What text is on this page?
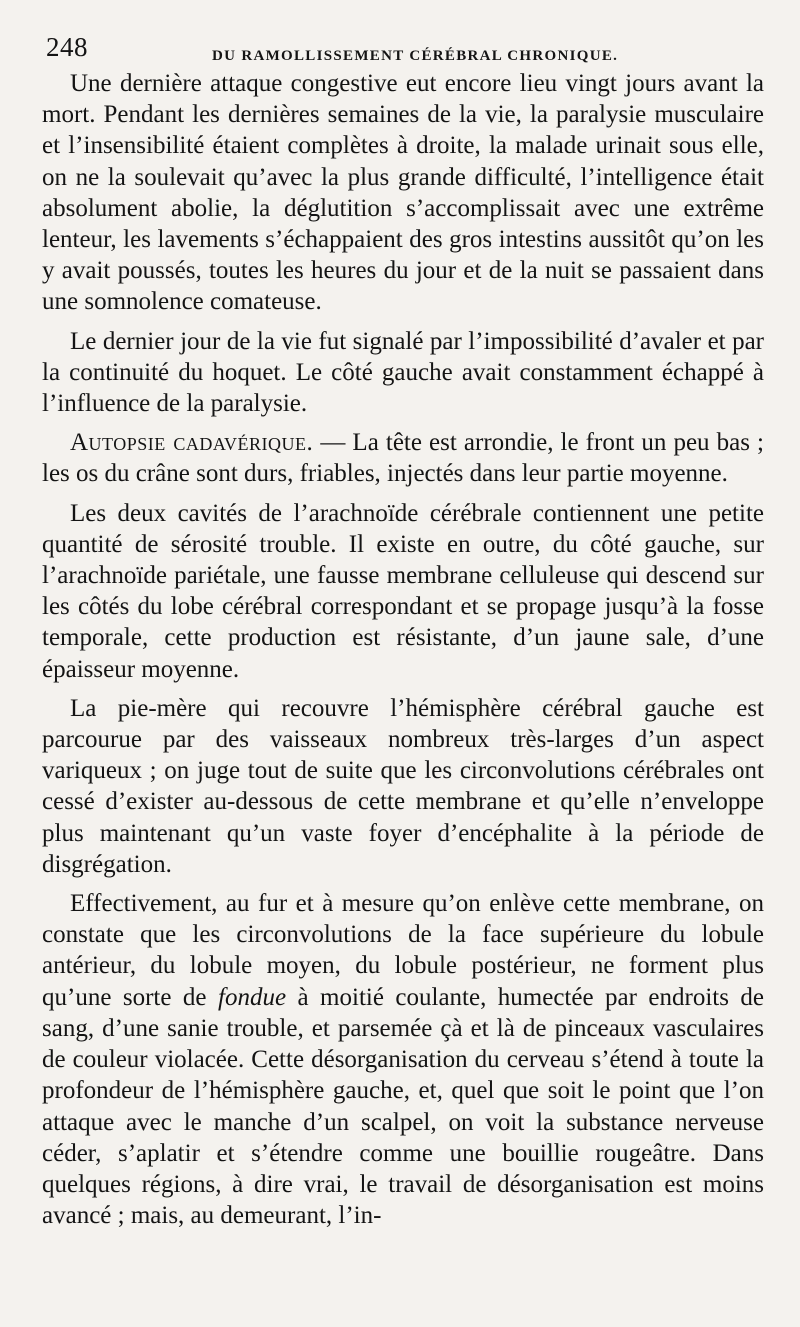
248	DU RAMOLLISSEMENT CÉRÉBRAL CHRONIQUE.

Une dernière attaque congestive eut encore lieu vingt jours avant la mort. Pendant les dernières semaines de la vie, la paralysie musculaire et l’insensibilité étaient complètes à droite, la malade urinait sous elle, on ne la soulevait qu’avec la plus grande difficulté, l’intelligence était absolument abolie, la déglutition s’accomplissait avec une extrême lenteur, les lavements s’échappaient des gros intestins aussitôt qu’on les y avait poussés, toutes les heures du jour et de la nuit se passaient dans une somnolence comateuse.

Le dernier jour de la vie fut signalé par l’impossibilité d’avaler et par la continuité du hoquet. Le côté gauche avait constamment échappé à l’influence de la paralysie.

Autopsie cadavérique. — La tête est arrondie, le front un peu bas ; les os du crâne sont durs, friables, injectés dans leur partie moyenne.

Les deux cavités de l’arachnoïde cérébrale contiennent une petite quantité de sérosité trouble. Il existe en outre, du côté gauche, sur l’arachnoïde pariétale, une fausse membrane celluleuse qui descend sur les côtés du lobe cérébral correspondant et se propage jusqu’à la fosse temporale, cette production est résistante, d’un jaune sale, d’une épaisseur moyenne.

La pie-mère qui recouvre l’hémisphère cérébral gauche est parcourue par des vaisseaux nombreux très-larges d’un aspect variqueux ; on juge tout de suite que les circonvolutions cérébrales ont cessé d’exister au-dessous de cette membrane et qu’elle n’enveloppe plus maintenant qu’un vaste foyer d’encéphalite à la période de disgrégation.

Effectivement, au fur et à mesure qu’on enlève cette membrane, on constate que les circonvolutions de la face supérieure du lobule antérieur, du lobule moyen, du lobule postérieur, ne forment plus qu’une sorte de fondue à moitié coulante, humectée par endroits de sang, d’une sanie trouble, et parsemée çà et là de pinceaux vasculaires de couleur violacée. Cette désorganisation du cerveau s’étend à toute la profondeur de l’hémisphère gauche, et, quel que soit le point que l’on attaque avec le manche d’un scalpel, on voit la substance nerveuse céder, s’aplatir et s’étendre comme une bouillie rougeâtre. Dans quelques régions, à dire vrai, le travail de désorganisation est moins avancé ; mais, au demeurant, l’in-
